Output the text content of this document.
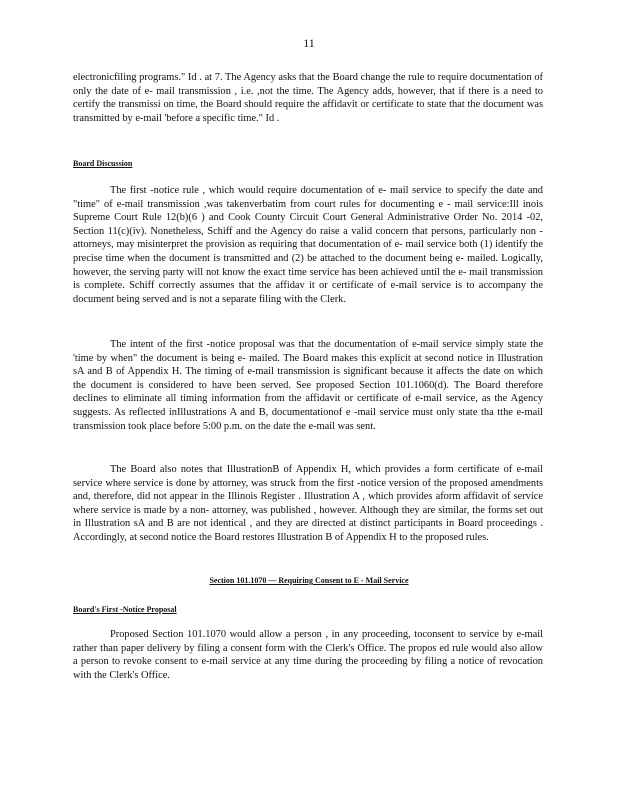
11

electronicfiling programs." Id . at 7. The Agency asks that the Board change the rule to require documentation of only the date of e- mail transmission , i.e. ,not the time. The Agency adds, however, that if there is a need to certify the transmissi on time, the Board should require the affidavit or certificate to state that the document was transmitted by e-mail 'before a specific time." Id .

Board Discussion

The first -notice rule , which would require documentation of e- mail service to specify the date and "time" of e-mail transmission ,was takenverbatim from court rules for documenting e - mail service:Ill inois Supreme Court Rule 12(b)(6 ) and Cook County Circuit Court General Administrative Order No. 2014 -02, Section 11(c)(iv). Nonetheless, Schiff and the Agency do raise a valid concern that persons, particularly non -attorneys, may misinterpret the provision as requiring that documentation of e- mail service both (1) identify the precise time when the document is transmitted and (2) be attached to the document being e- mailed. Logically, however, the serving party will not know the exact time service has been achieved until the e- mail transmission is complete. Schiff correctly assumes that the affidav it or certificate of e-mail service is to accompany the document being served and is not a separate filing with the Clerk.

The intent of the first -notice proposal was that the documentation of e-mail service simply state the 'time by when" the document is being e- mailed. The Board makes this explicit at second notice in Illustration sA and B of Appendix H. The timing of e-mail transmission is significant because it affects the date on which the document is considered to have been served. See proposed Section 101.1060(d). The Board therefore declines to eliminate all timing information from the affidavit or certificate of e-mail service, as the Agency suggests. As reflected inIllustrations A and B, documentationof e -mail service must only state tha tthe e-mail transmission took place before 5:00 p.m. on the date the e-mail was sent.

The Board also notes that IllustrationB of Appendix H, which provides a form certificate of e-mail service where service is done by attorney, was struck from the first -notice version of the proposed amendments and, therefore, did not appear in the Illinois Register . Illustration A , which provides aform affidavit of service where service is made by a non- attorney, was published , however. Although they are similar, the forms set out in Illustration sA and B are not identical , and they are directed at distinct participants in Board proceedings . Accordingly, at second notice the Board restores Illustration B of Appendix H to the proposed rules.

Section 101.1070 — Requiring Consent to E - Mail Service

Board's First -Notice Proposal

Proposed Section 101.1070 would allow a person , in any proceeding, toconsent to service by e-mail rather than paper delivery by filing a consent form with the Clerk's Office. The propos ed rule would also allow a person to revoke consent to e-mail service at any time during the proceeding by filing a notice of revocation with the Clerk's Office.
